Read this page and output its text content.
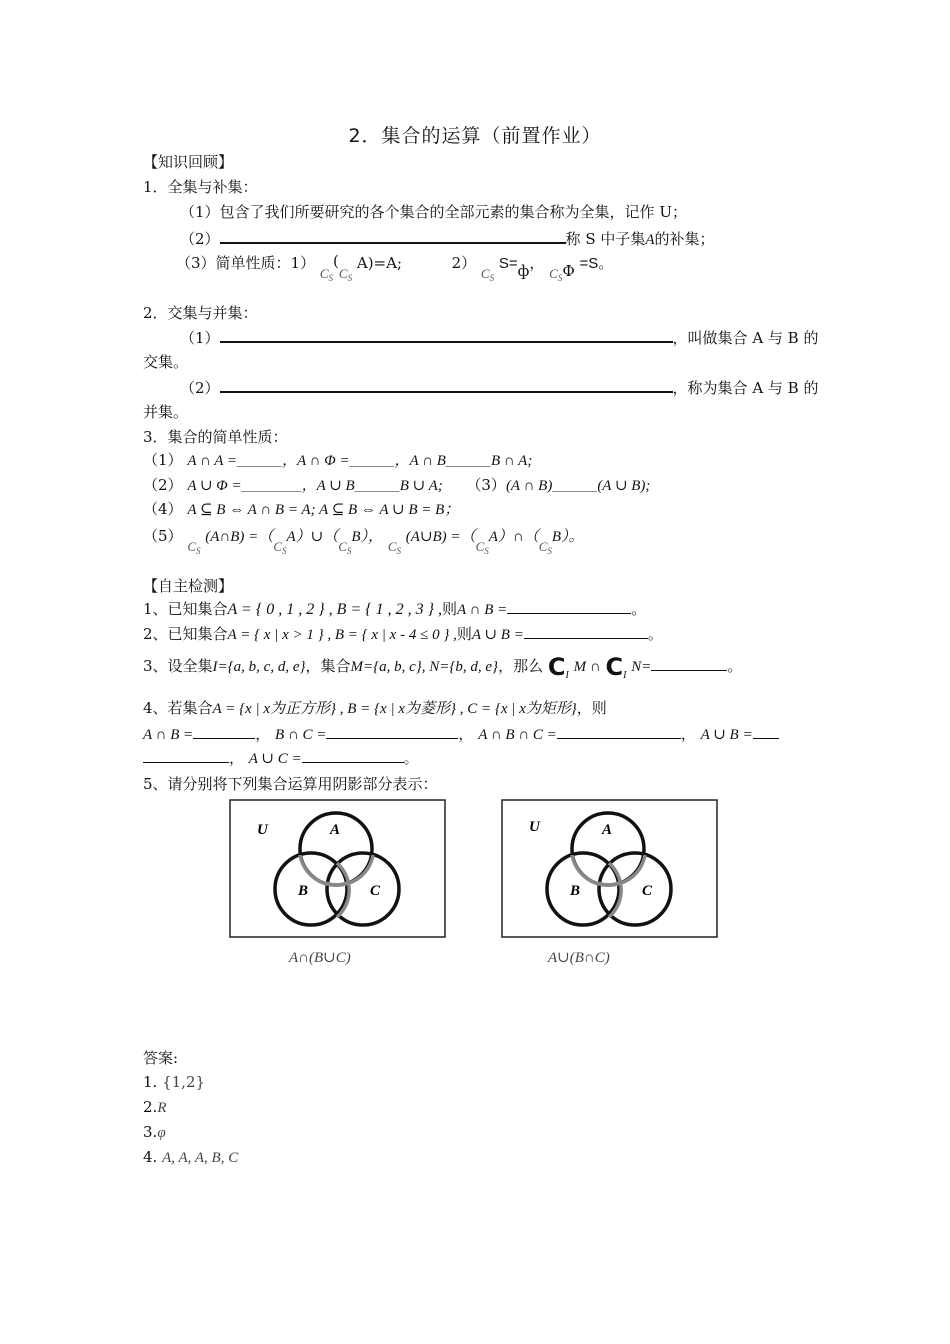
2．集合的运算（前置作业）
【知识回顾】
1．全集与补集：
（1）包含了我们所要研究的各个集合的全部元素的集合称为全集，记作 U；
（2）	称 S 中子集A的补集；
（3）简单性质：1） $C_S(C_S$ A)=A;	2） $C_S$ S=ф， $C_SФ =S$。
2．交集与并集：
（1）	，叫做集合 A 与 B 的
交集。
（2）	，称为集合 A 与 B 的
并集。
3．集合的简单性质：
（1） A ∩ A =＿＿＿，A ∩ Φ =＿＿＿，A ∩ B＿＿＿B ∩ A;
（2） A ∪ Φ =＿＿＿＿，A ∪ B＿＿＿B ∪ A; （3）(A ∩ B)＿＿＿(A ∪ B);
（4） A ⊆ B ⇔ A ∩ B = A; A ⊆ B ⇔ A ∪ B = B；
（5） $C_S$ (A∩B) $=(C_SA)\cup(C_SB)$， $C_S$ (A∪B) $=(C_SA)\cap(C_SB)$。
【自主检测】
1、已知集合A = { 0 , 1 , 2 } , B = { 1 , 2 , 3 } ,则A ∩ B =	。
2、已知集合A = { x | x > 1 } , B = { x | x - 4 ≤ 0 } ,则A ∪ B =	。
3、设全集I={a, b, c, d, e}，集合M={a, b, c}, N={b, d, e}，那么 $C_I$ M ∩ $C_I$ N=	。
4、若集合A = {x | x为正方形} , B = {x | x为菱形} , C = {x | x为矩形}，则
A ∩ B =	， B ∩ C =	， A ∩ B ∩ C =	， A ∪ B =
， A ∪ C =	。
5、请分别将下列集合运算用阴影部分表示：
U	A
B	C
A∩(B∪C)
U	A
B	C
A∪(B∩C)
答案:
1. {1,2}
2.R
3.φ
4. A, A, A, B, C
